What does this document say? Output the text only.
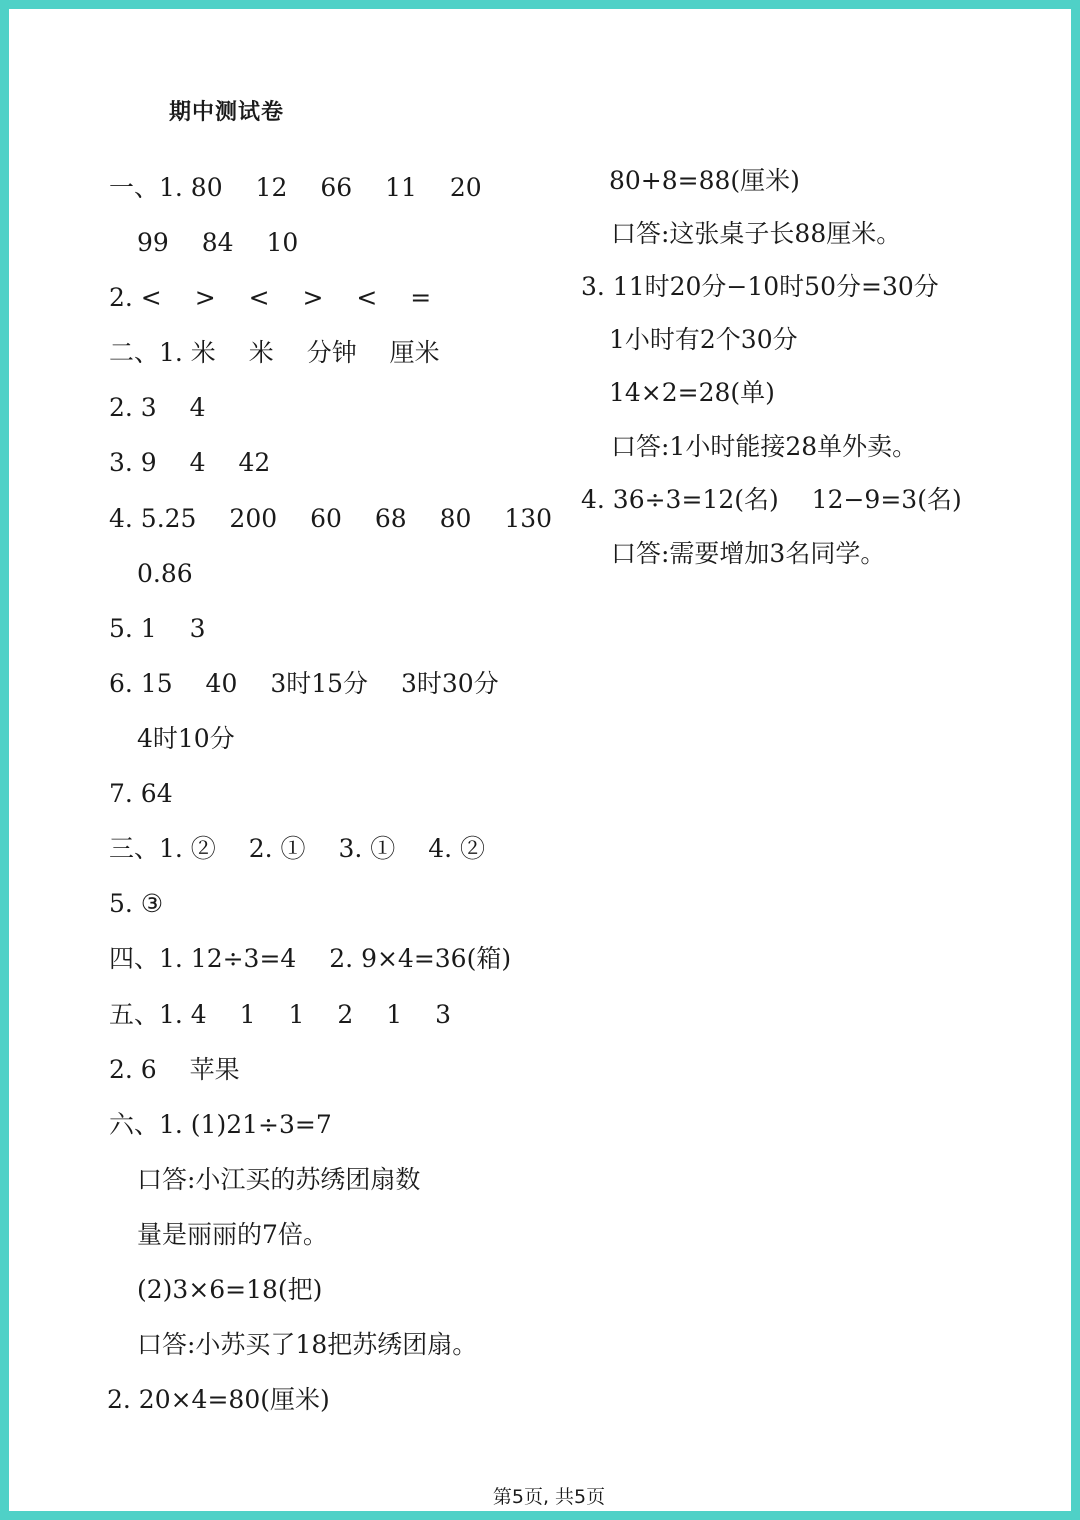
期中测试卷
一、1. 80　 12　 66　 11　 20
99　 84　 10
2. <　 >　 <　 >　 <　 =
二、1. 米　 米　 分钟　 厘米
2. 3　 4
3. 9　 4　 42
4. 5.25　 200　 60　 68　 80　 130
0.86
5. 1　 3
6. 15　 40　 3时15分　 3时30分
4时10分
7. 64
三、1. ②　 2. ①　 3. ①　 4. ②
5. ③
四、1. 12÷3=4　 2. 9×4=36(箱)
五、1. 4　 1　 1　 2　 1　 3
2. 6　 苹果
六、1. (1)21÷3=7
口答:小江买的苏绣团扇数
量是丽丽的7倍。
(2)3×6=18(把)
口答:小苏买了18把苏绣团扇。
2. 20×4=80(厘米)
80+8=88(厘米)
口答:这张桌子长88厘米。
3. 11时20分−10时50分=30分
1小时有2个30分
14×2=28(单)
口答:1小时能接28单外卖。
4. 36÷3=12(名)　 12−9=3(名)
口答:需要增加3名同学。
第5页, 共5页
